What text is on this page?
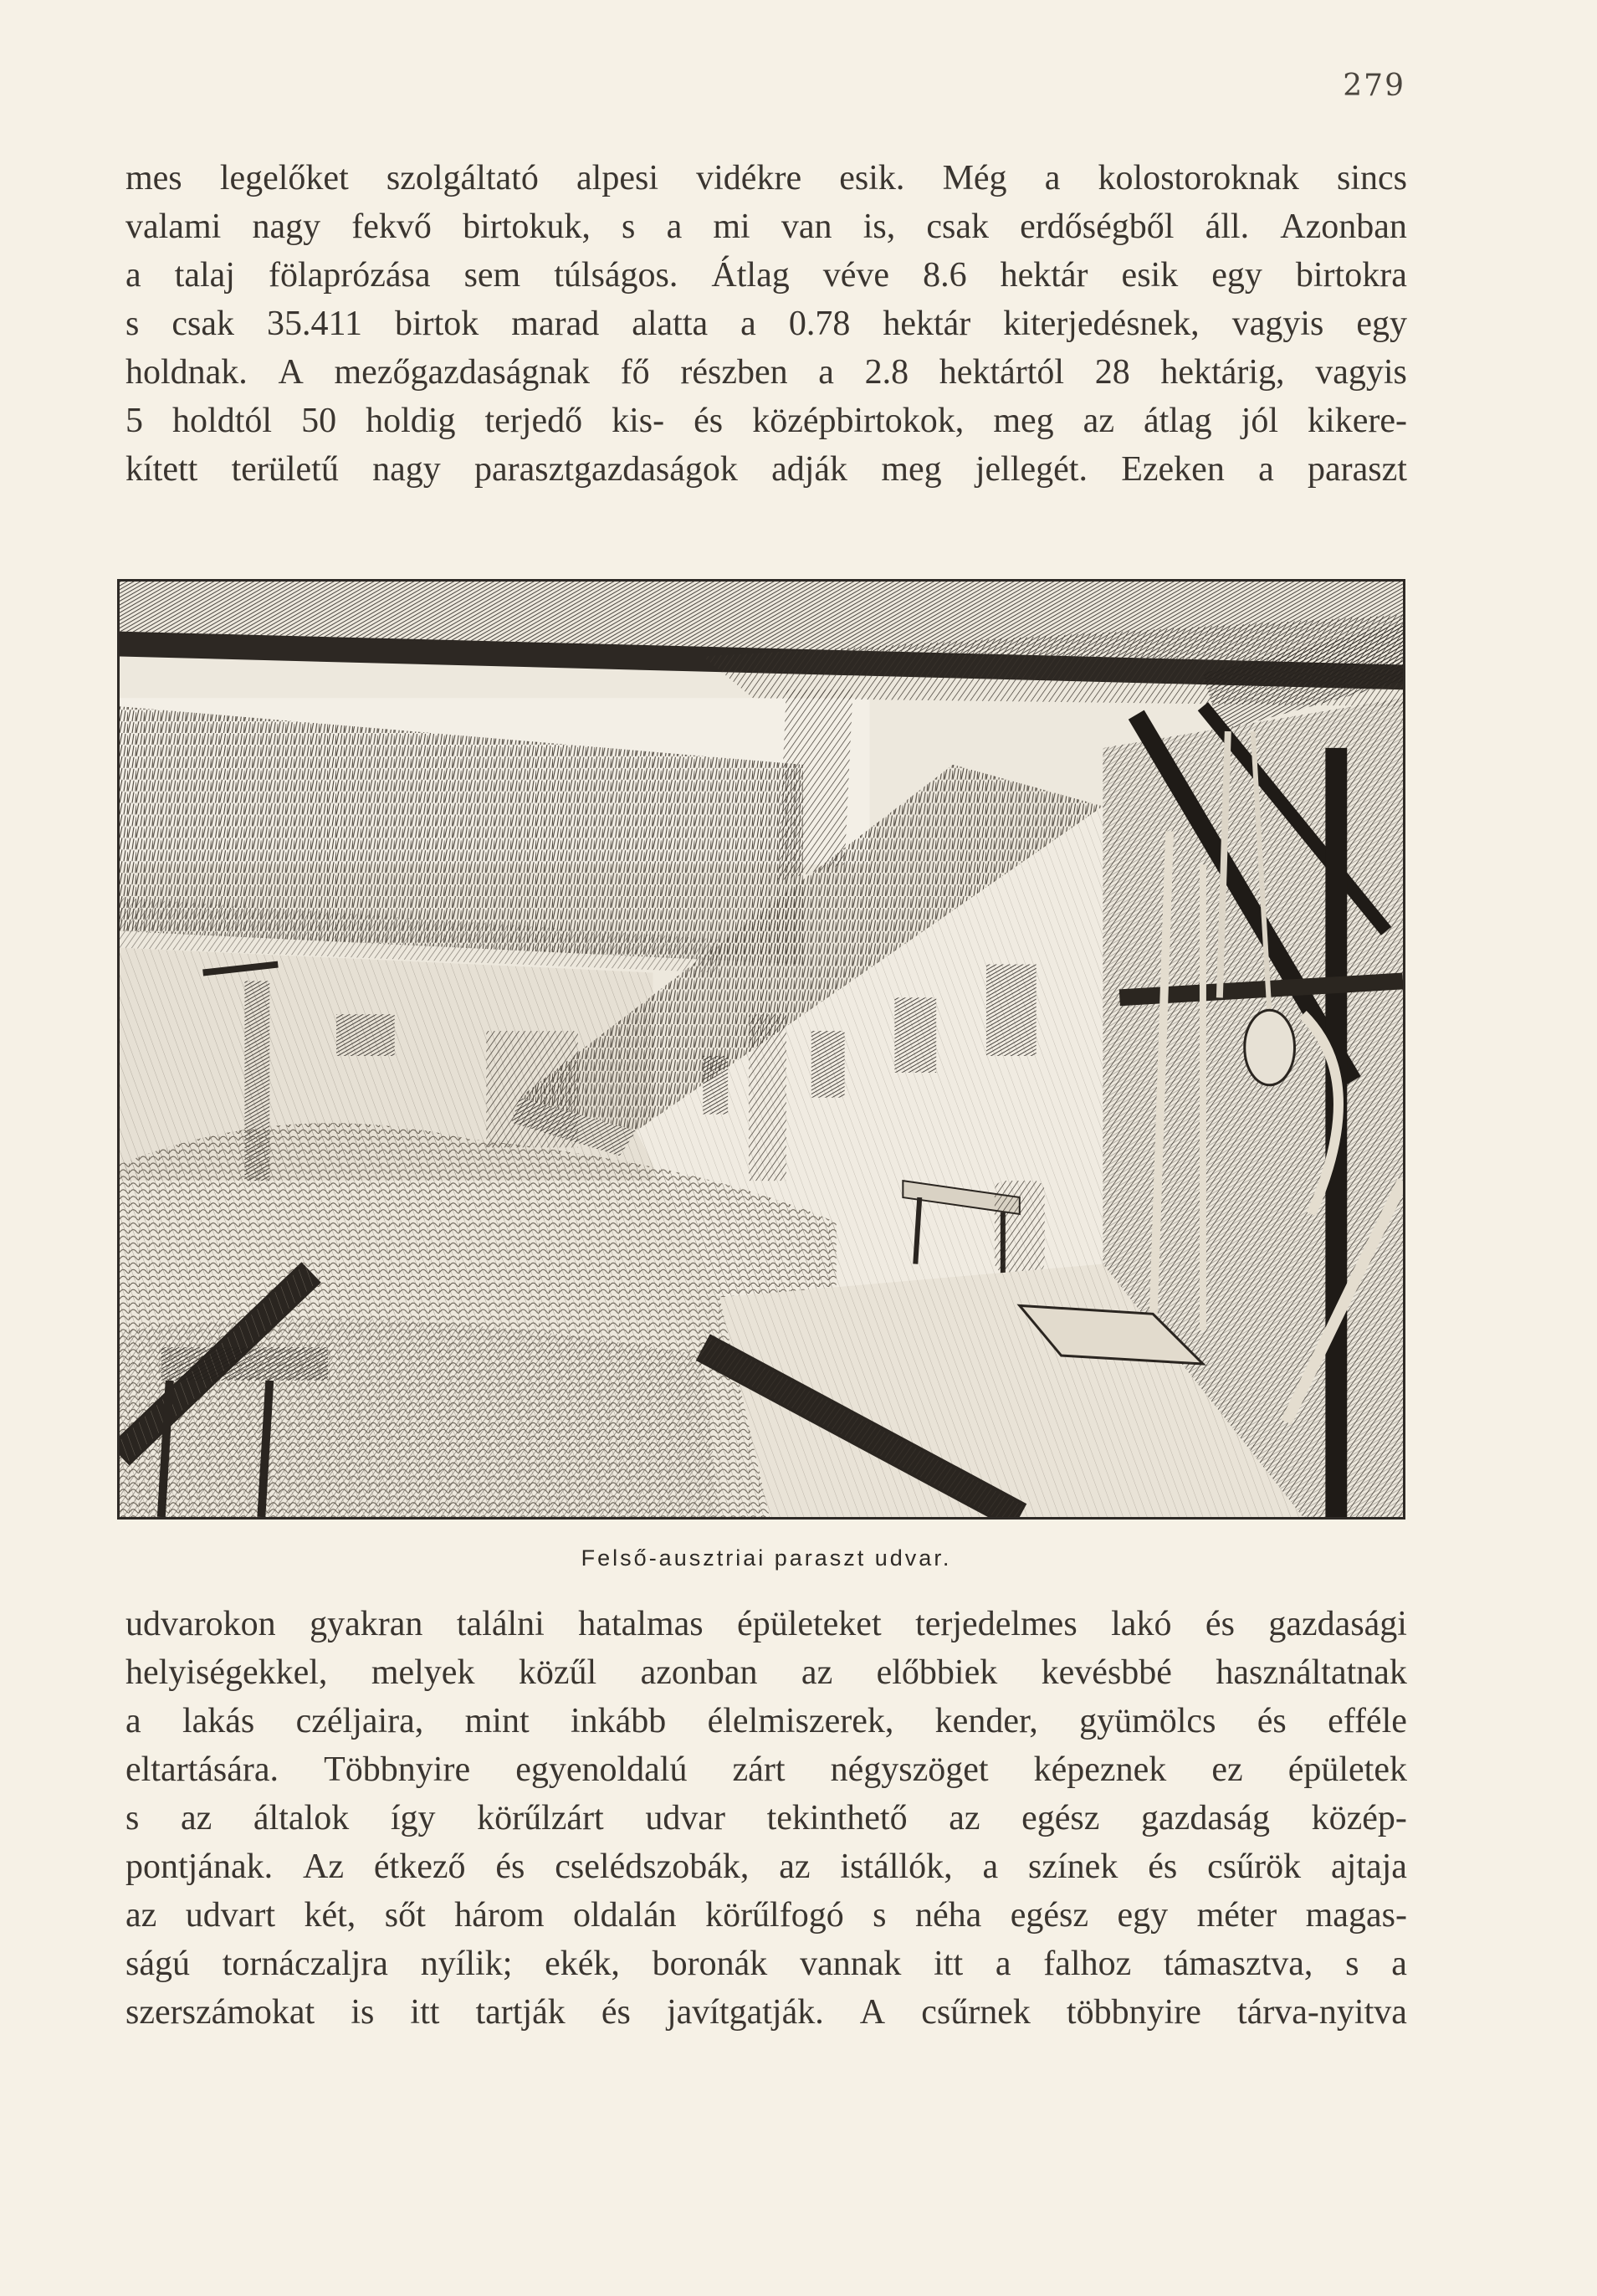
279
mes legelőket szolgáltató alpesi vidékre esik. Még a kolostoroknak sincs
valami nagy fekvő birtokuk, s a mi van is, csak erdőségből áll. Azonban
a talaj fölaprózása sem túlságos. Átlag véve 8.6 hektár esik egy birtokra
s csak 35.411 birtok marad alatta a 0.78 hektár kiterjedésnek, vagyis egy
holdnak. A mezőgazdaságnak fő részben a 2.8 hektártól 28 hektárig, vagyis
5 holdtól 50 holdig terjedő kis- és középbirtokok, meg az átlag jól kikere-
kített területű nagy parasztgazdaságok adják meg jellegét. Ezeken a paraszt
Felső-ausztriai paraszt udvar.
udvarokon gyakran találni hatalmas épületeket terjedelmes lakó és gazdasági
helyiségekkel, melyek közűl azonban az előbbiek kevésbbé használtatnak
a lakás czéljaira, mint inkább élelmiszerek, kender, gyümölcs és efféle
eltartására. Többnyire egyenoldalú zárt négyszöget képeznek ez épületek
s az általok így körűlzárt udvar tekinthető az egész gazdaság közép-
pontjának. Az étkező és cselédszobák, az istállók, a színek és csűrök ajtaja
az udvart két, sőt három oldalán körűlfogó s néha egész egy méter magas-
ságú tornáczaljra nyílik; ekék, boronák vannak itt a falhoz támasztva, s a
szerszámokat is itt tartják és javítgatják. A csűrnek többnyire tárva-nyitva
